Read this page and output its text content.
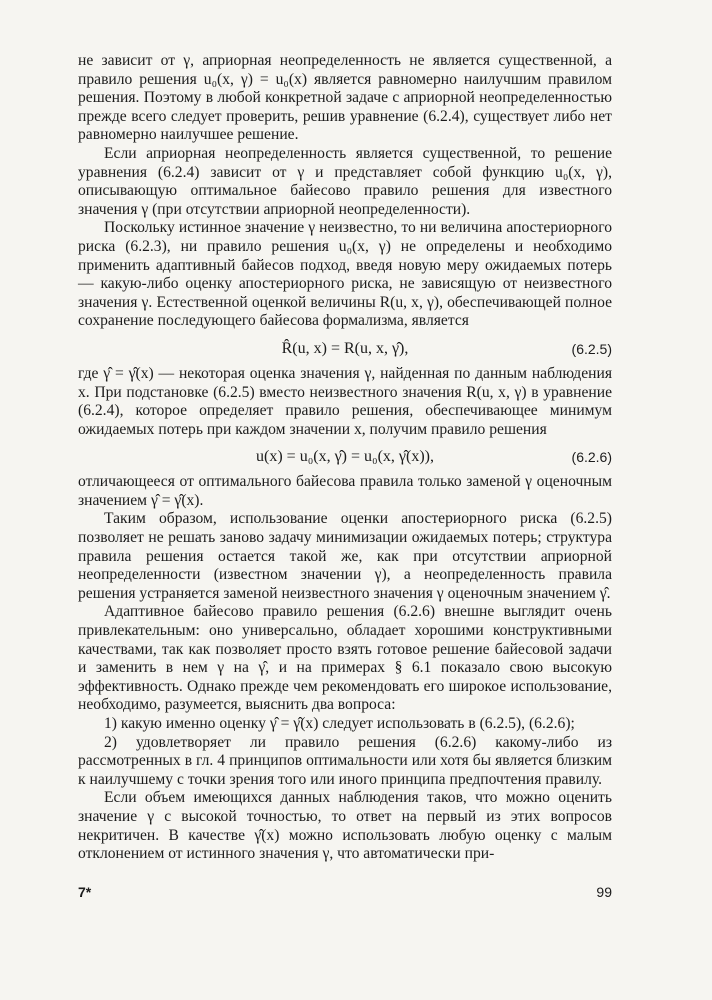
не зависит от γ, априорная неопределенность не является существенной, а правило решения u₀(x, γ) = u₀(x) является равномерно наилучшим правилом решения. Поэтому в любой конкретной задаче с априорной неопределенностью прежде всего следует проверить, решив уравнение (6.2.4), существует либо нет равномерно наилучшее решение.

Если априорная неопределенность является существенной, то решение уравнения (6.2.4) зависит от γ и представляет собой функцию u₀(x, γ), описывающую оптимальное байесово правило решения для известного значения γ (при отсутствии априорной неопределенности).

Поскольку истинное значение γ неизвестно, то ни величина апостериорного риска (6.2.3), ни правило решения u₀(x, γ) не определены и необходимо применить адаптивный байесов подход, введя новую меру ожидаемых потерь — какую-либо оценку апостериорного риска, не зависящую от неизвестного значения γ. Естественной оценкой величины R(u, x, γ), обеспечивающей полное сохранение последующего байесова формализма, является

R̂(u, x) = R(u, x, γ̂),	(6.2.5)

где γ̂ = γ̂(x) — некоторая оценка значения γ, найденная по данным наблюдения x. При подстановке (6.2.5) вместо неизвестного значения R(u, x, γ) в уравнение (6.2.4), которое определяет правило решения, обеспечивающее минимум ожидаемых потерь при каждом значении x, получим правило решения

u(x) = u₀(x, γ̂) = u₀(x, γ̂(x)),	(6.2.6)

отличающееся от оптимального байесова правила только заменой γ оценочным значением γ̂ = γ̂(x).

Таким образом, использование оценки апостериорного риска (6.2.5) позволяет не решать заново задачу минимизации ожидаемых потерь; структура правила решения остается такой же, как при отсутствии априорной неопределенности (известном значении γ), а неопределенность правила решения устраняется заменой неизвестного значения γ оценочным значением γ̂.

Адаптивное байесово правило решения (6.2.6) внешне выглядит очень привлекательным: оно универсально, обладает хорошими конструктивными качествами, так как позволяет просто взять готовое решение байесовой задачи и заменить в нем γ на γ̂, и на примерах § 6.1 показало свою высокую эффективность. Однако прежде чем рекомендовать его широкое использование, необходимо, разумеется, выяснить два вопроса:

1) какую именно оценку γ̂ = γ̂(x) следует использовать в (6.2.5), (6.2.6);

2) удовлетворяет ли правило решения (6.2.6) какому-либо из рассмотренных в гл. 4 принципов оптимальности или хотя бы является близким к наилучшему с точки зрения того или иного принципа предпочтения правилу.

Если объем имеющихся данных наблюдения таков, что можно оценить значение γ с высокой точностью, то ответ на первый из этих вопросов некритичен. В качестве γ̂(x) можно использовать любую оценку с малым отклонением от истинного значения γ, что автоматически при-

7*	99
